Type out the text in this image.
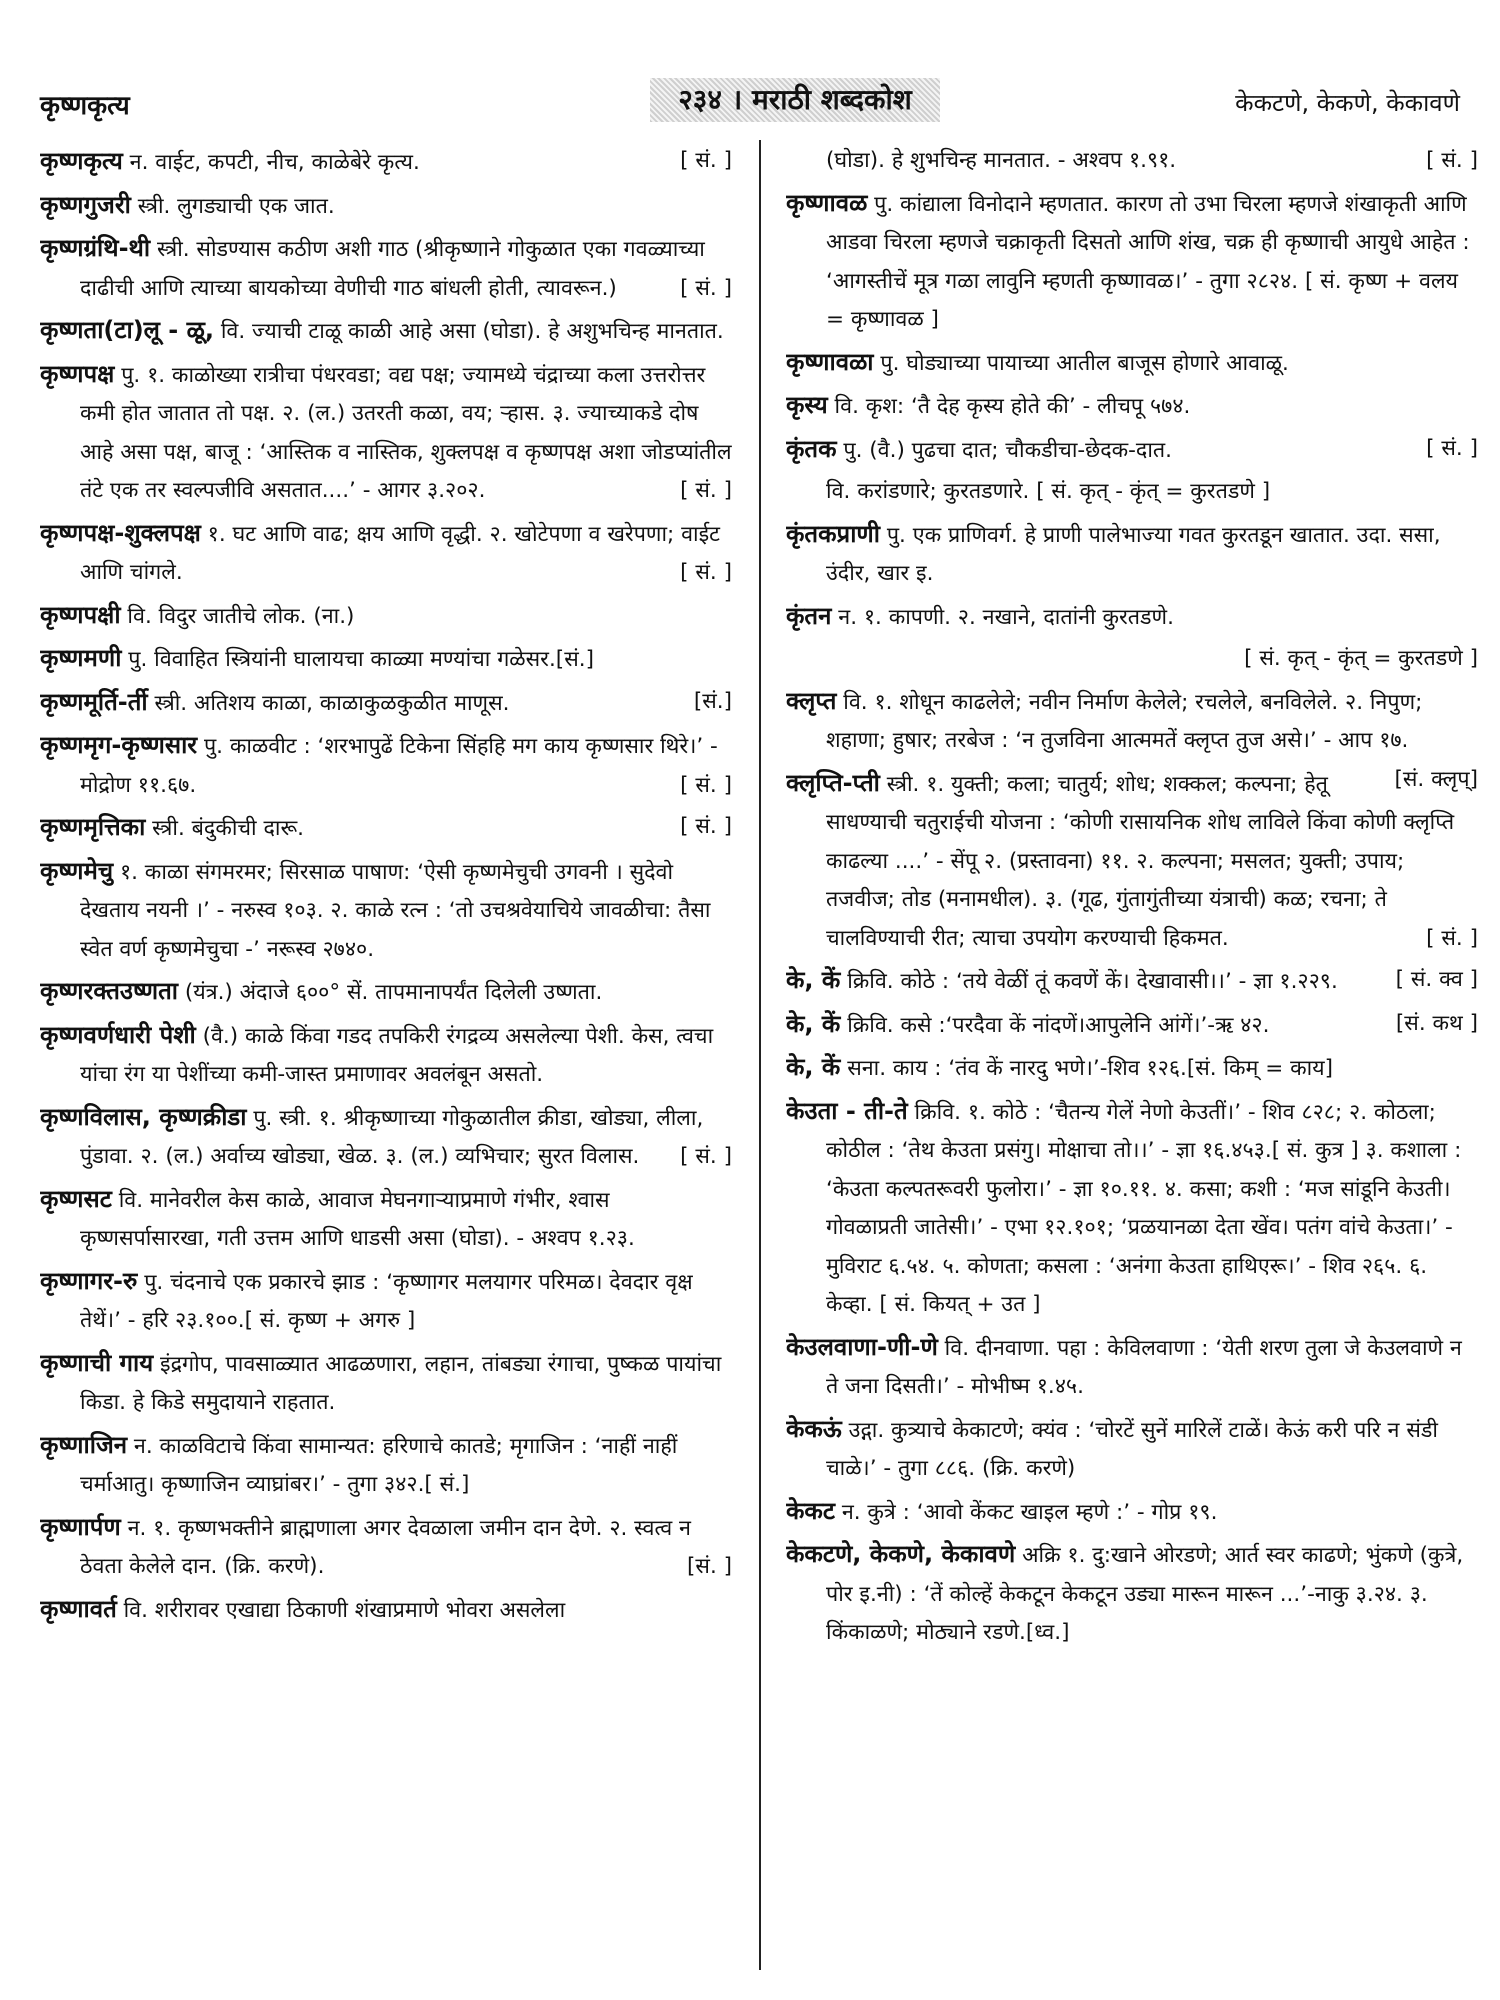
कृष्णकृत्य	२३४ । मराठी शब्दकोश	केकटणे, केकणे, केकावणे
कृष्णकृत्य न. वाईट, कपटी, नीच, काळेबेरे कृत्य.	[ सं. ]
कृष्णगुजरी स्त्री. लुगड्याची एक जात.
कृष्णग्रंथि-थी स्त्री. सोडण्यास कठीण अशी गाठ (श्रीकृष्णाने गोकुळात एका गवळ्याच्या दाढीची आणि त्याच्या बायकोच्या वेणीची गाठ बांधली होती, त्यावरून.)	[ सं. ]
कृष्णता(टा)लू - ळू, वि. ज्याची टाळू काळी आहे असा (घोडा). हे अशुभचिन्ह मानतात.
कृष्णपक्ष पु. १. काळोख्या रात्रीचा पंधरवडा; वद्य पक्ष; ज्यामध्ये चंद्राच्या कला उत्तरोत्तर कमी होत जातात तो पक्ष. २. (ल.) उतरती कळा, वय; ऱ्हास. ३. ज्याच्याकडे दोष आहे असा पक्ष, बाजू : ‘आस्तिक व नास्तिक, शुक्लपक्ष व कृष्णपक्ष अशा जोडप्यांतील तंटे एक तर स्वल्पजीवि असतात....’ - आगर ३.२०२.	[ सं. ]
कृष्णपक्ष-शुक्लपक्ष १. घट आणि वाढ; क्षय आणि वृद्धी. २. खोटेपणा व खरेपणा; वाईट आणि चांगले.	[ सं. ]
कृष्णपक्षी वि. विदुर जातीचे लोक. (ना.)
कृष्णमणी पु. विवाहित स्त्रियांनी घालायचा काळ्या मण्यांचा गळेसर.[सं.]
कृष्णमूर्ति-र्ती स्त्री. अतिशय काळा, काळाकुळकुळीत माणूस.	[सं.]
कृष्णमृग-कृष्णसार पु. काळवीट : ‘शरभापुढें टिकेना सिंहहि मग काय कृष्णसार थिरे।’ - मोद्रोण ११.६७.	[ सं. ]
कृष्णमृत्तिका स्त्री. बंदुकीची दारू.	[ सं. ]
कृष्णमेचु १. काळा संगमरमर; सिरसाळ पाषाण: ‘ऐसी कृष्णमेचुची उगवनी । सुदेवो देखताय नयनी ।’ - नरुस्व १०३. २. काळे रत्न : ‘तो उचश्रवेयाचिये जावळीचा: तैसा स्वेत वर्ण कृष्णमेचुचा -’ नरूस्व २७४०.
कृष्णरक्तउष्णता (यंत्र.) अंदाजे ६००° सें. तापमानापर्यंत दिलेली उष्णता.
कृष्णवर्णधारी पेशी (वै.) काळे किंवा गडद तपकिरी रंगद्रव्य असलेल्या पेशी. केस, त्वचा यांचा रंग या पेशींच्या कमी-जास्त प्रमाणावर अवलंबून असतो.
कृष्णविलास, कृष्णक्रीडा पु. स्त्री. १. श्रीकृष्णाच्या गोकुळातील क्रीडा, खोड्या, लीला, पुंडावा. २. (ल.) अर्वाच्य खोड्या, खेळ. ३. (ल.) व्यभिचार; सुरत विलास. [ सं. ]
कृष्णसट वि. मानेवरील केस काळे, आवाज मेघनगाऱ्याप्रमाणे गंभीर, श्वास कृष्णसर्पासारखा, गती उत्तम आणि धाडसी असा (घोडा). - अश्वप १.२३.
कृष्णागर-रु पु. चंदनाचे एक प्रकारचे झाड : ‘कृष्णागर मलयागर परिमळ। देवदार वृक्ष तेथें।’ - हरि २३.१००.[ सं. कृष्ण + अगरु ]
कृष्णाची गाय इंद्रगोप, पावसाळ्यात आढळणारा, लहान, तांबड्या रंगाचा, पुष्कळ पायांचा किडा. हे किडे समुदायाने राहतात.
कृष्णाजिन न. काळविटाचे किंवा सामान्यत: हरिणाचे कातडे; मृगाजिन : ‘नाहीं नाहीं चर्माआतु। कृष्णाजिन व्याघ्रांबर।’ - तुगा ३४२.[ सं.]
कृष्णार्पण न. १. कृष्णभक्तीने ब्राह्मणाला अगर देवळाला जमीन दान देणे. २. स्वत्व न ठेवता केलेले दान. (क्रि. करणे).	[सं. ]
कृष्णावर्त वि. शरीरावर एखाद्या ठिकाणी शंखाप्रमाणे भोवरा असलेला
(घोडा). हे शुभचिन्ह मानतात. - अश्वप १.९१.	[ सं. ]
कृष्णावळ पु. कांद्याला विनोदाने म्हणतात. कारण तो उभा चिरला म्हणजे शंखाकृती आणि आडवा चिरला म्हणजे चक्राकृती दिसतो आणि शंख, चक्र ही कृष्णाची आयुधे आहेत : ‘आगस्तीचें मूत्र गळा लावुनि म्हणती कृष्णावळ।’ - तुगा २८२४. [ सं. कृष्ण + वलय = कृष्णावळ ]
कृष्णावळा पु. घोड्याच्या पायाच्या आतील बाजूस होणारे आवाळू.
कृस्य वि. कृश: ‘तै देह कृस्य होते की’ - लीचपू ५७४.
कृंतक पु. (वै.) पुढचा दात; चौकडीचा-छेदक-दात.	[ सं. ]
वि. करांडणारे; कुरतडणारे. [ सं. कृत् - कृंत् = कुरतडणे ]
कृंतकप्राणी पु. एक प्राणिवर्ग. हे प्राणी पालेभाज्या गवत कुरतडून खातात. उदा. ससा, उंदीर, खार इ.
कृंतन न. १. कापणी. २. नखाने, दातांनी कुरतडणे.
[ सं. कृत् - कृंत् = कुरतडणे ]
क्लृप्त वि. १. शोधून काढलेले; नवीन निर्माण केलेले; रचलेले, बनविलेले. २. निपुण; शहाणा; हुषार; तरबेज : ‘न तुजविना आत्ममतें क्लृप्त तुज असे।’ - आप १७.
[सं. क्लृप्]
क्लृप्ति-प्ती स्त्री. १. युक्ती; कला; चातुर्य; शोध; शक्कल; कल्पना; हेतू साधण्याची चतुराईची योजना : ‘कोणी रासायनिक शोध लाविले किंवा कोणी क्लृप्ति काढल्या ....’ - सेंपू २. (प्रस्तावना) ११. २. कल्पना; मसलत; युक्ती; उपाय; तजवीज; तोड (मनामधील). ३. (गूढ, गुंतागुंतीच्या यंत्राची) कळ; रचना; ते चालविण्याची रीत; त्याचा उपयोग करण्याची हिकमत.	[ सं. ]
के, कें क्रिवि. कोठे : ‘तये वेळीं तूं कवणें कें। देखावासी।।’ - ज्ञा १.२२९.	[ सं. क्व ]
के, कें क्रिवि. कसे :‘परदैवा कें नांदणें।आपुलेनि आंगें।’-ऋ ४२.	[सं. कथ ]
के, कें सना. काय : ‘तंव कें नारदु भणे।’-शिव १२६.[सं. किम् = काय]
केउता - ती-ते क्रिवि. १. कोठे : ‘चैतन्य गेलें नेणो केउतीं।’ - शिव ८२८; २. कोठला; कोठील : ‘तेथ केउता प्रसंगु। मोक्षाचा तो।।’ - ज्ञा १६.४५३.[ सं. कुत्र ] ३. कशाला : ‘केउता कल्पतरूवरी फुलोरा।’ - ज्ञा १०.११. ४. कसा; कशी : ‘मज सांडूनि केउती। गोवळाप्रती जातेसी।’ - एभा १२.१०१; ‘प्रळयानळा देता खेंव। पतंग वांचे केउता।’ - मुविराट ६.५४. ५. कोणता; कसला : ‘अनंगा केउता हाथिएरू।’ - शिव २६५. ६. केव्हा. [ सं. कियत् + उत ]
केउलवाणा-णी-णे वि. दीनवाणा. पहा : केविलवाणा : ‘येती शरण तुला जे केउलवाणे न ते जना दिसती।’ - मोभीष्म १.४५.
केकऊं उद्गा. कुत्र्याचे केकाटणे; क्यंव : ‘चोरटें सुनें मारिलें टाळें। केऊं करी परि न संडी चाळे।’ - तुगा ८८६. (क्रि. करणे)
केकट न. कुत्रे : ‘आवो केंकट खाइल म्हणे :’ - गोप्र १९.
केकटणे, केकणे, केकावणे अक्रि १. दु:खाने ओरडणे; आर्त स्वर काढणे; भुंकणे (कुत्रे, पोर इ.नी) : ‘तें कोल्हें केकटून केकटून उड्या मारून मारून ...’-नाकु ३.२४. ३. किंकाळणे; मोठ्याने रडणे.[ध्व.]
